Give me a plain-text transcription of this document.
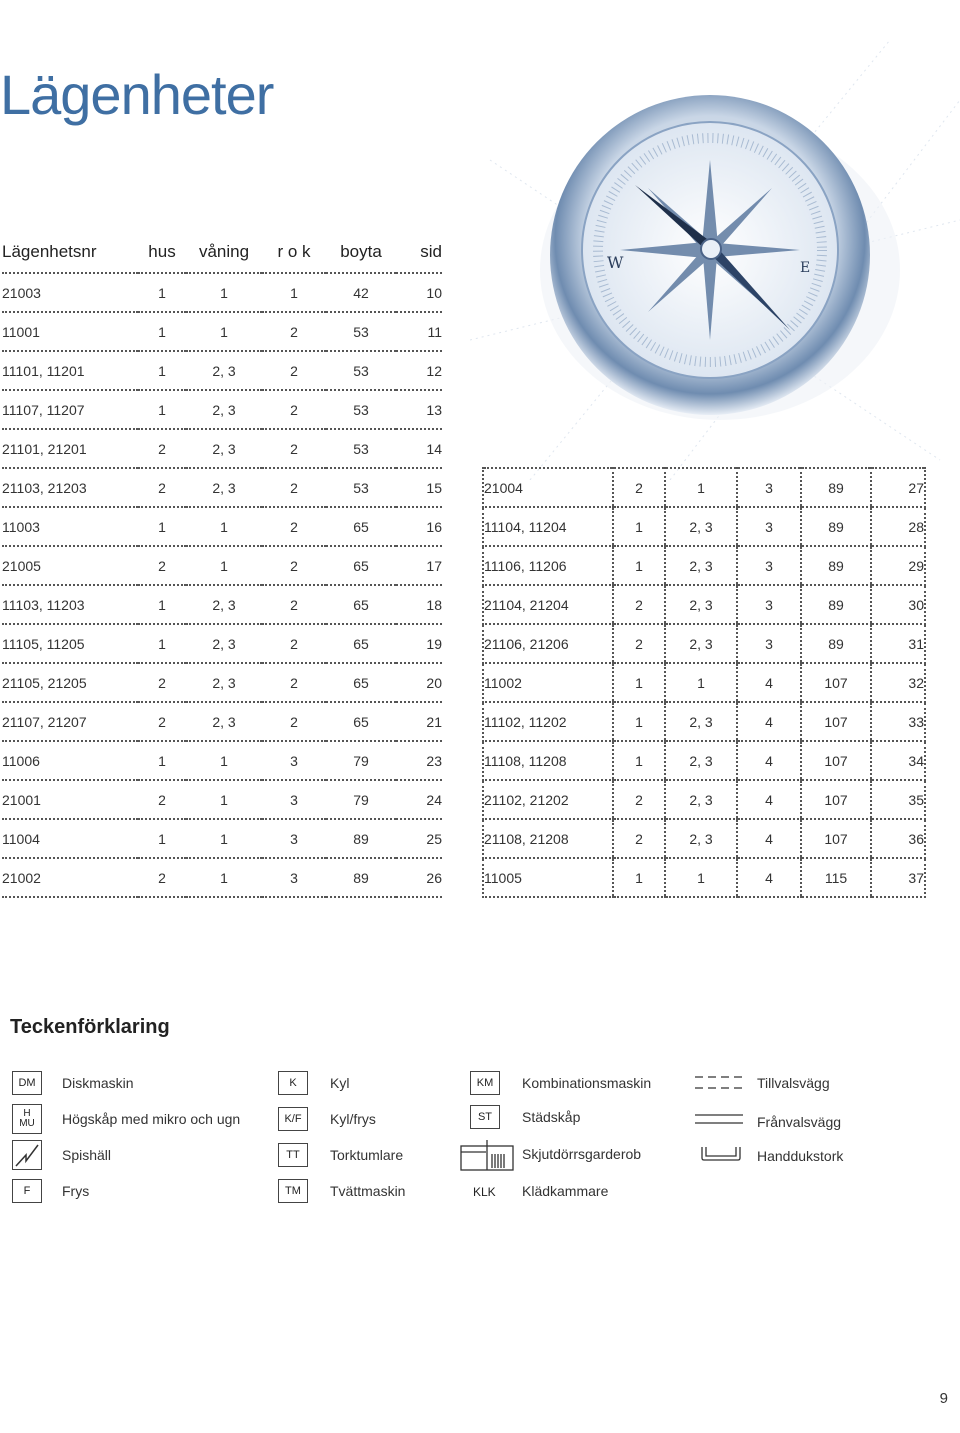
Lägenheter
W	E
Lägenhetsnr	hus	våning	r o k	boyta	sid
21003	1	1	1	42	10
11001	1	1	2	53	11
11101, 11201	1	2, 3	2	53	12
11107, 11207	1	2, 3	2	53	13
21101, 21201	2	2, 3	2	53	14
21103, 21203	2	2, 3	2	53	15
11003	1	1	2	65	16
21005	2	1	2	65	17
11103, 11203	1	2, 3	2	65	18
11105, 11205	1	2, 3	2	65	19
21105, 21205	2	2, 3	2	65	20
21107, 21207	2	2, 3	2	65	21
11006	1	1	3	79	23
21001	2	1	3	79	24
11004	1	1	3	89	25
21002	2	1	3	89	26
21004	2	1	3	89	27
11104, 11204	1	2, 3	3	89	28
11106, 11206	1	2, 3	3	89	29
21104, 21204	2	2, 3	3	89	30
21106, 21206	2	2, 3	3	89	31
11002	1	1	4	107	32
11102, 11202	1	2, 3	4	107	33
11108, 11208	1	2, 3	4	107	34
21102, 21202	2	2, 3	4	107	35
21108, 21208	2	2, 3	4	107	36
11005	1	1	4	115	37
Teckenförklaring
DM	Diskmaskin
H
MU Högskåp med mikro och ugn
Spishäll
F	Frys
K	Kyl
K/F	Kyl/frys
TT	Torktumlare
TM	Tvättmaskin
KM	Kombinationsmaskin
ST	Städskåp
Skjutdörrsgarderob
KLK Klädkammare
Tillvalsvägg
Frånvalsvägg
Handdukstork
9
